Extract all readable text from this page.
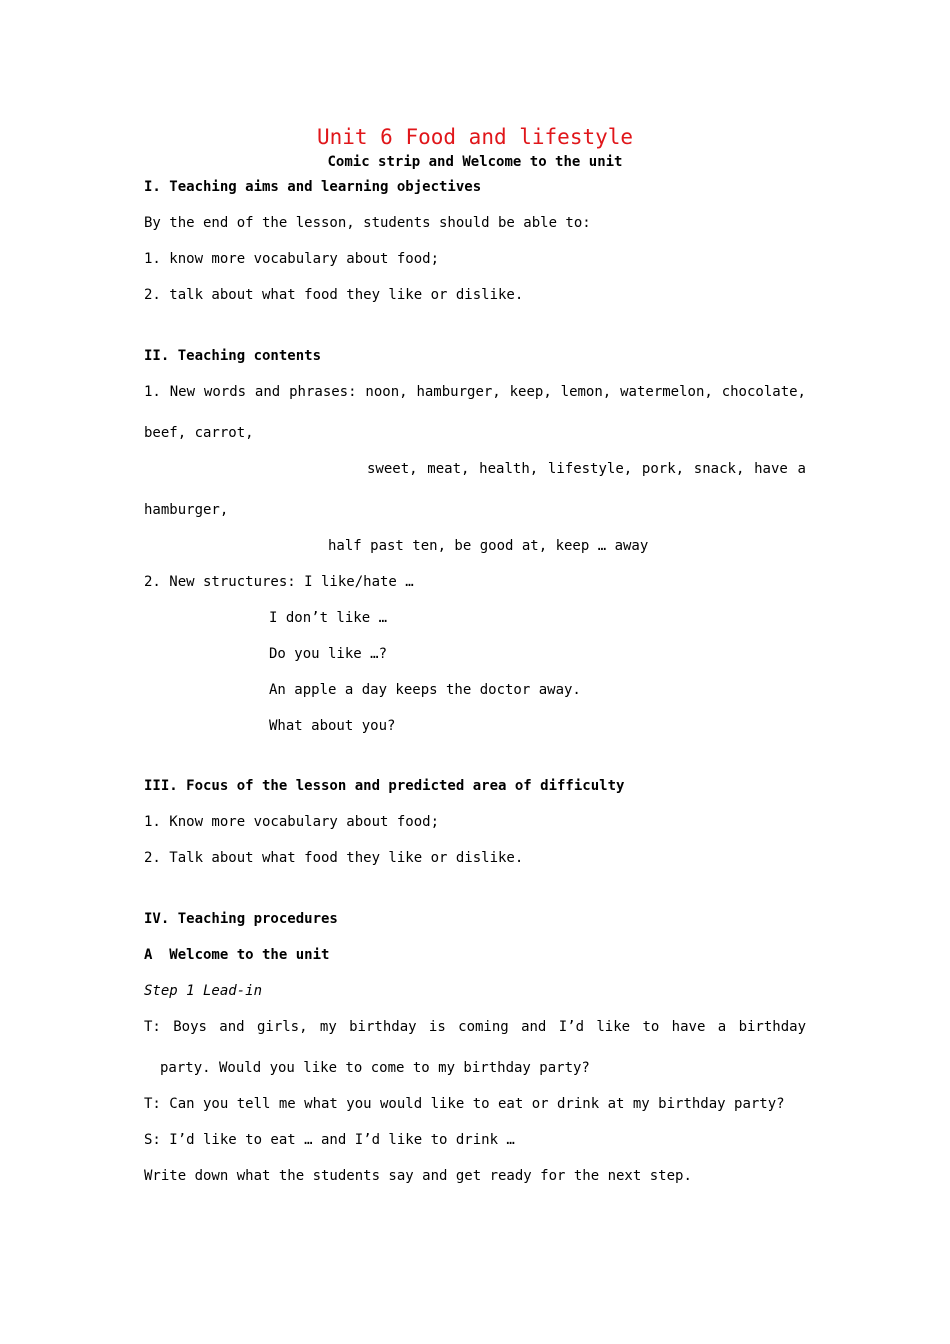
Unit 6 Food and lifestyle
Comic strip and Welcome to the unit
I. Teaching aims and learning objectives
By the end of the lesson, students should be able to:
1. know more vocabulary about food;
2. talk about what food they like or dislike.
II. Teaching contents
1. New words and phrases: noon, hamburger, keep, lemon, watermelon, chocolate,
beef, carrot,
sweet, meat, health, lifestyle, pork, snack, have a
hamburger,
half past ten, be good at, keep … away
2. New structures: I like/hate …
I don’t like …
Do you like …?
An apple a day keeps the doctor away.
What about you?
III. Focus of the lesson and predicted area of difficulty
1. Know more vocabulary about food;
2. Talk about what food they like or dislike.
IV. Teaching procedures
A  Welcome to the unit
Step 1 Lead-in
T: Boys and girls, my birthday is coming and I’d like to have a birthday
party. Would you like to come to my birthday party?
T: Can you tell me what you would like to eat or drink at my birthday party?
S: I’d like to eat … and I’d like to drink …
Write down what the students say and get ready for the next step.
